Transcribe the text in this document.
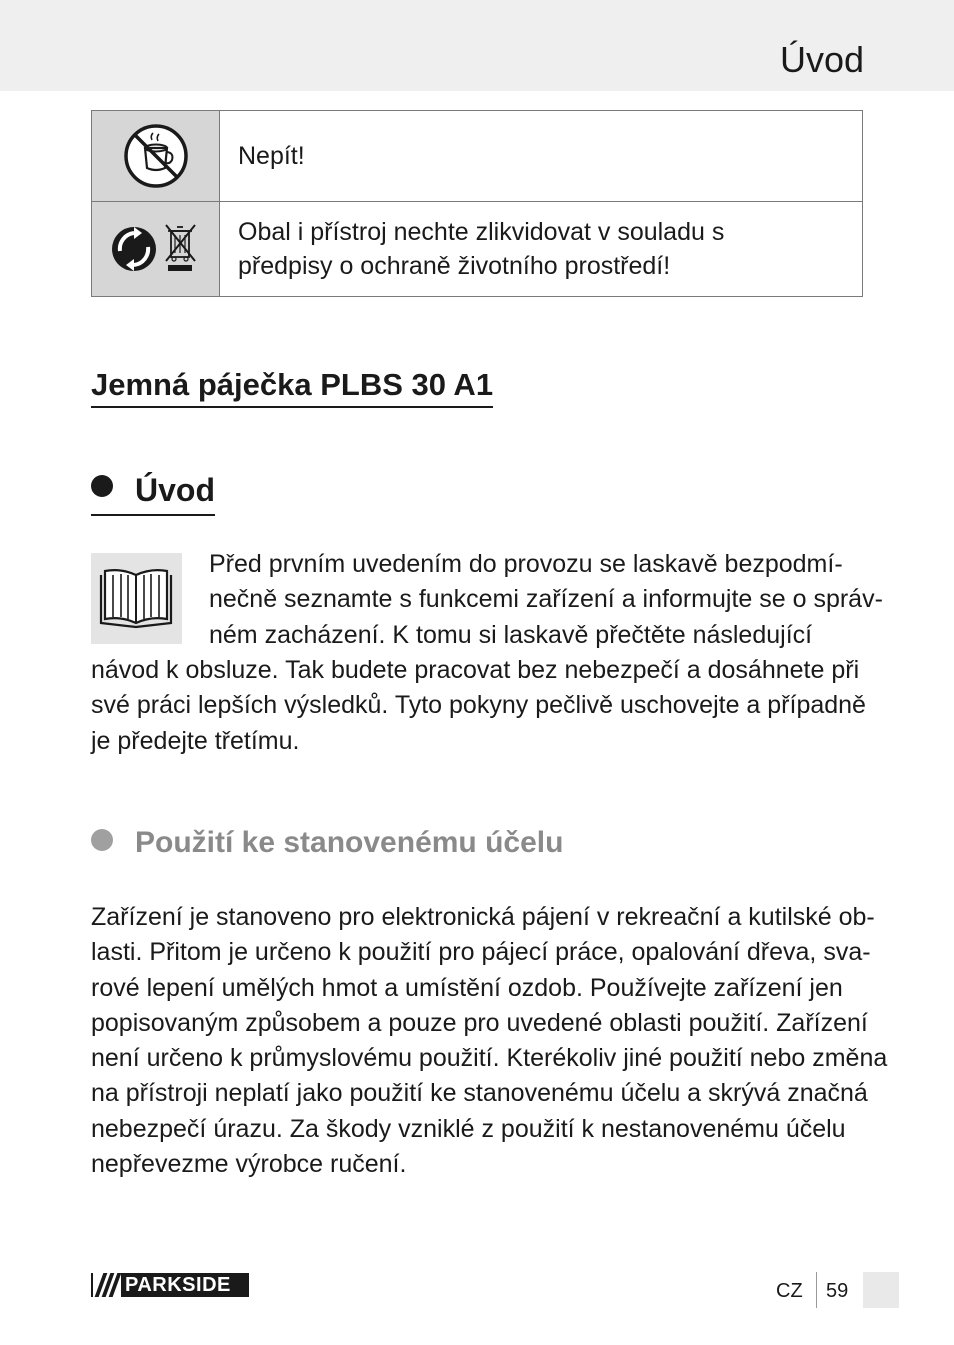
Úvod

Nepít!

Obal i přístroj nechte zlikvidovat v souladu s
předpisy o ochraně životního prostředí!
Jemná páječka PLBS 30 A1
Úvod
Před prvním uvedením do provozu se laskavě bezpodmí-
nečně seznamte s funkcemi zařízení a informujte se o správ-
ném zacházení. K tomu si laskavě přečtěte následující
návod k obsluze. Tak budete pracovat bez nebezpečí a dosáhnete při
své práci lepších výsledků. Tyto pokyny pečlivě uschovejte a případně
je předejte třetímu.
Použití ke stanovenému účelu
Zařízení je stanoveno pro elektronická pájení v rekreační a kutilské ob-
lasti. Přitom je určeno k použití pro pájecí práce, opalování dřeva, sva-
rové lepení umělých hmot a umístění ozdob. Používejte zařízení jen
popisovaným způsobem a pouze pro uvedené oblasti použití. Zařízení
není určeno k průmyslovému použití. Kterékoliv jiné použití nebo změna
na přístroji neplatí jako použití ke stanovenému účelu a skrývá značná
nebezpečí úrazu. Za škody vzniklé z použití k nestanovenému účelu
nepřevezme výrobce ručení.
PARKSIDE	CZ 59
